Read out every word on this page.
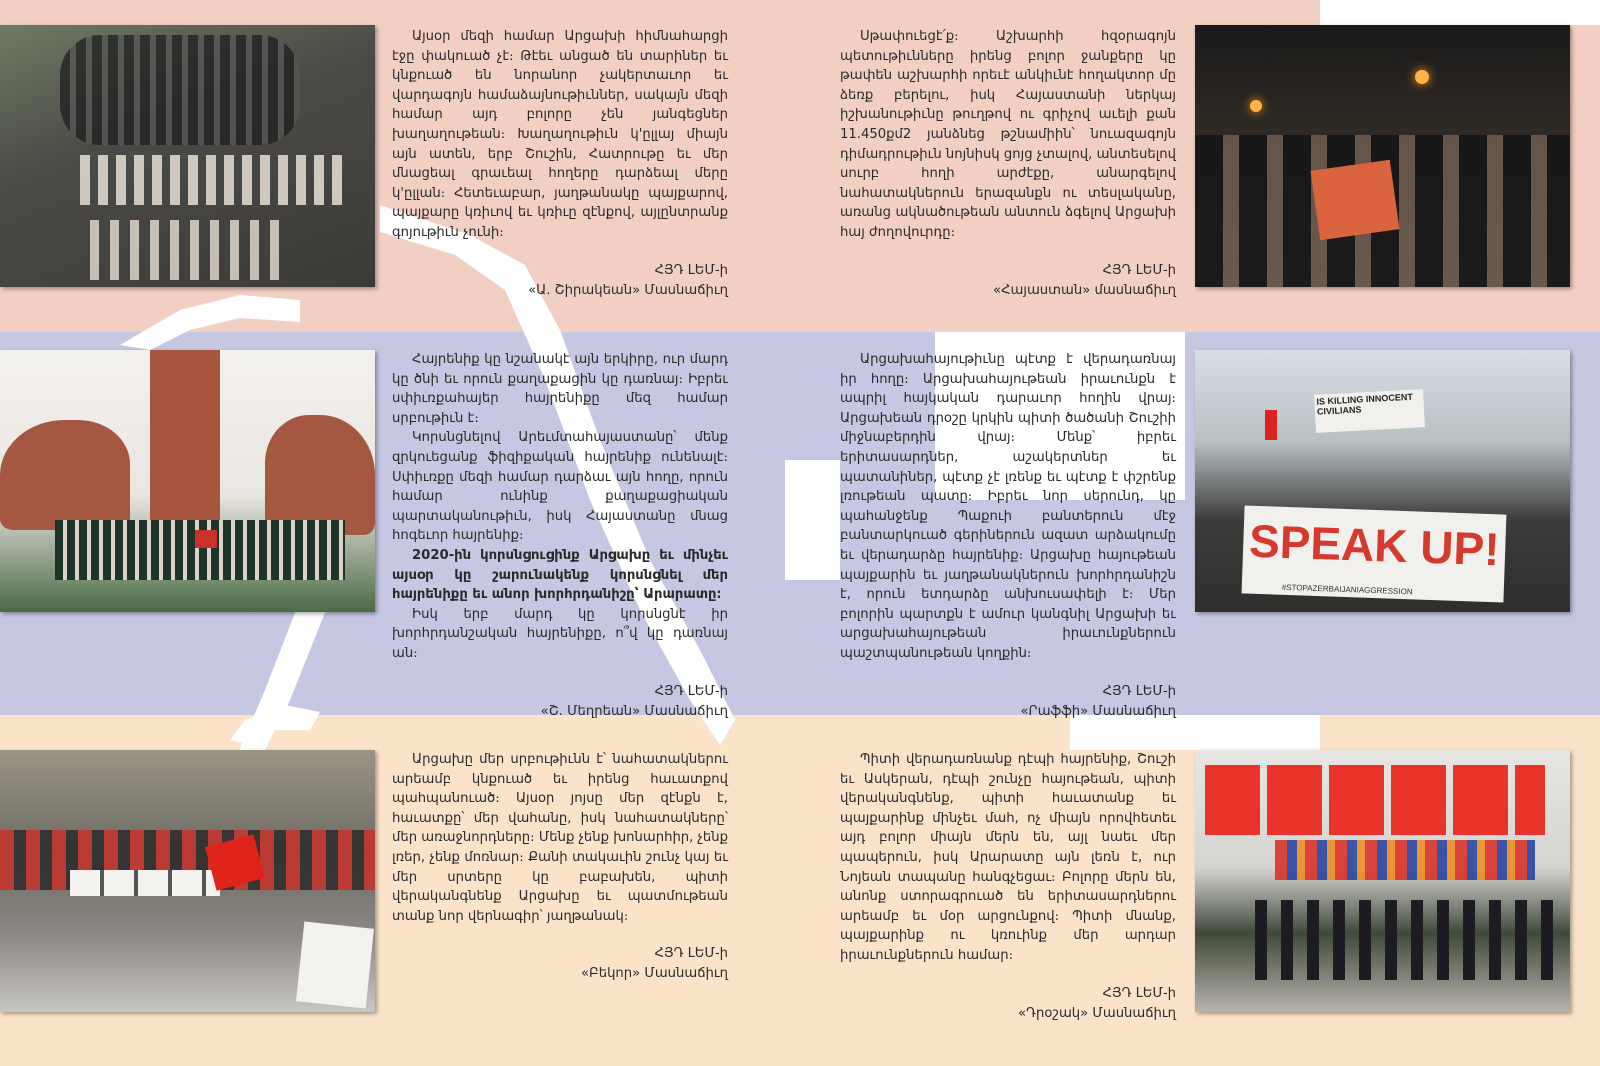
IS KILLING INNOCENT CIVILIANS
SPEAK UP!
#STOPAZERBAIJANIAGGRESSION

Այսօր մեզի համար Արցախի հիմնահարցի էջը փակուած չէ։ Թէեւ անցած են տարիներ եւ կնքուած են նորանոր չակերտաւոր եւ վարդագոյն համաձայնութիւններ, սակայն մեզի համար այդ բոլորը չեն յանգեցներ խաղաղութեան։ Խաղաղութիւն կ'ըլլայ միայն այն ատեն, երբ Շուշին, Հատրութը եւ մեր մնացեալ գրաւեալ հողերը դարձեալ մերը կ'ըլլան։ Հետեւաբար, յաղթանակը պայքարով, պայքարը կռիւով եւ կռիւը զէնքով, այլընտրանք գոյութիւն չունի։

ՀՅԴ ԼԵՄ-ի
«Ա. Շիրակեան» Մասնաճիւղ

Սթափուեցէ՛ք։ Աշխարհի հզօրագոյն պետութիւնները իրենց բոլոր ջանքերը կը թափեն աշխարհի որեւէ անկիւնէ հողակտոր մը ձեռք բերելու, իսկ Հայաստանի ներկայ իշխանութիւնը թուղթով ու գրիչով աւելի քան 11.450քմ2 յանձնեց թշնամիին՝ նուազագոյն դիմադրութիւն նոյնիսկ ցոյց չտալով, անտեսելով սուրբ հողի արժէքը, անարգելով նահատակներուն երազանքն ու տեսլականը, առանց ակնածութեան անտուն ձգելով Արցախի հայ ժողովուրդը։

ՀՅԴ ԼԵՄ-ի
«Հայաստան» մասնաճիւղ

Հայրենիք կը նշանակէ այն երկիրը, ուր մարդ կը ծնի եւ որուն քաղաքացին կը դառնայ։ Իբրեւ սփիւռքահայեր հայրենիքը մեզ համար սրբութիւն է։

Կորսնցնելով Արեւմտահայաստանը՝ մենք զրկուեցանք ֆիզիքական հայրենիք ունենալէ։ Սփիւռքը մեզի համար դարձաւ այն հողը, որուն համար ունինք քաղաքացիական պարտականութիւն, իսկ Հայաստանը մնաց հոգեւոր հայրենիք։

2020-ին կորսնցուցինք Արցախը եւ մինչեւ այսօր կը շարունակենք կորսնցնել մեր հայրենիքը եւ անոր խորհրդանիշը՝ Արարատը։

Իսկ երբ մարդ կը կորսնցնէ իր խորհրդանշական հայրենիքը, ո՞վ կը դառնայ ան։

ՀՅԴ ԼԵՄ-ի
«Շ. Մեղրեան» Մասնաճիւղ

Արցախահայութիւնը պէտք է վերադառնայ իր հողը։ Արցախահայութեան իրաւունքն է ապրիլ հայկական դարաւոր հողին վրայ։ Արցախեան դրօշը կրկին պիտի ծածանի Շուշիի միջնաբերդին վրայ։ Մենք՝ իբրեւ երիտասարդներ, աշակերտներ եւ պատանիներ, պէտք չէ լռենք եւ պէտք է փշրենք լռութեան պատը։ Իբրեւ նոր սերունդ, կը պահանջենք Պաքուի բանտերուն մէջ բանտարկուած գերիներուն ազատ արձակումը եւ վերադարձը հայրենիք։ Արցախը հայութեան պայքարին եւ յաղթանակներուն խորհրդանիշն է, որուն ետդարձը անխուսափելի է։ Մեր բոլորին պարտքն է ամուր կանգնիլ Արցախի եւ արցախահայութեան իրաւունքներուն պաշտպանութեան կողքին։

ՀՅԴ ԼԵՄ-ի
«Րաֆֆի» Մասնաճիւղ

Արցախը մեր սրբութիւնն է՝ նահատակներու արեամբ կնքուած եւ իրենց հաւատքով պահպանուած։ Այսօր յոյսը մեր զէնքն է, հաւատքը՝ մեր վահանը, իսկ նահատակները՝ մեր առաջնորդները։ Մենք չենք խոնարհիր, չենք լռեր, չենք մոռնար։ Քանի տակաւին շունչ կայ եւ մեր սրտերը կը բաբախեն, պիտի վերականգնենք Արցախը եւ պատմութեան տանք նոր վերնագիր՝ յաղթանակ։

ՀՅԴ ԼԵՄ-ի
«Բեկոր» Մասնաճիւղ

Պիտի վերադառնանք դէպի հայրենիք, Շուշի եւ Ասկերան, դէպի շունչը հայութեան, պիտի վերականգնենք, պիտի հաւատանք եւ պայքարինք մինչեւ մահ, ոչ միայն որովհետեւ այդ բոլոր միայն մերն են, այլ նաեւ մեր պապերուն, իսկ Արարատը այն լեռն է, ուր Նոյեան տապանը հանգչեցաւ։ Բոլորը մերն են, անոնք ստորագրուած են երիտասարդներու արեամբ եւ մօր արցունքով։ Պիտի մնանք, պայքարինք ու կռուինք մեր արդար իրաւունքներուն համար։

ՀՅԴ ԼԵՄ-ի
«Դրօշակ» Մասնաճիւղ
